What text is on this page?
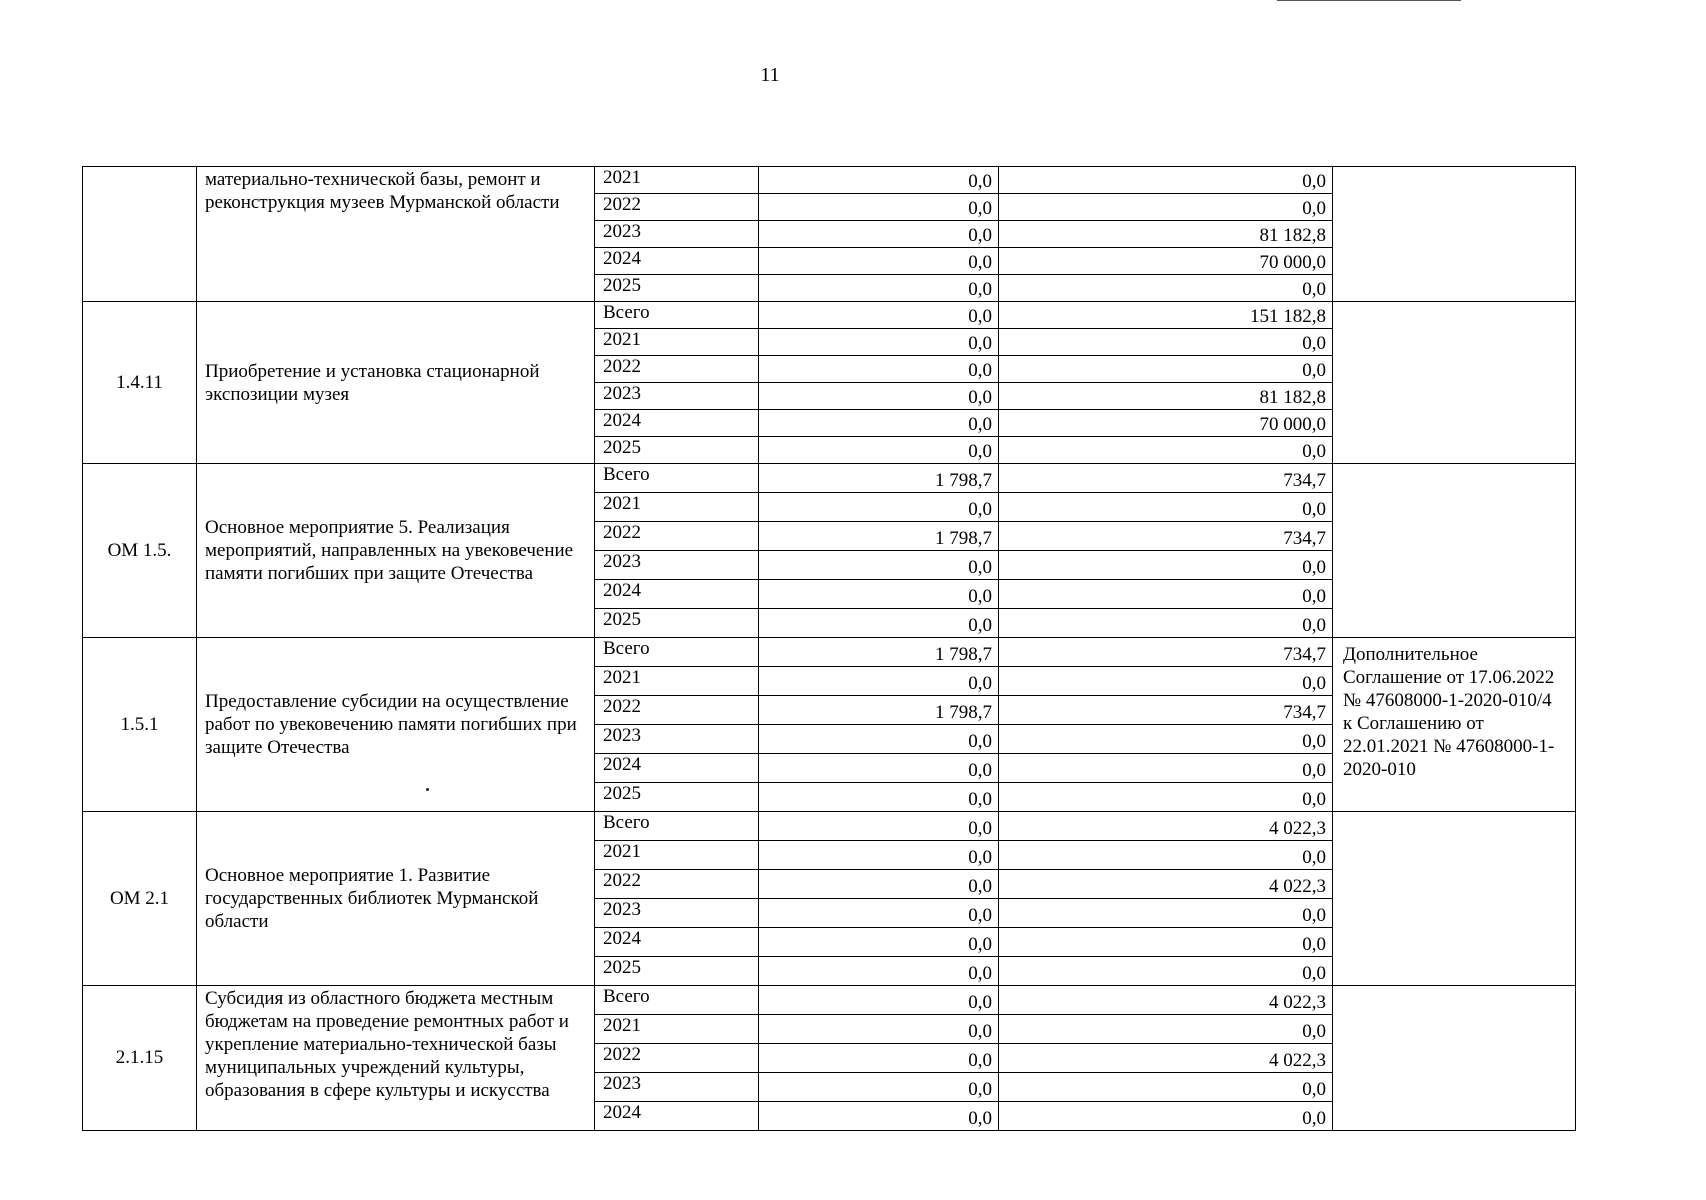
11
	материально-технической базы, ремонт и реконструкция музеев Мурманской области	2021	0,0	0,0	
		2022	0,0	0,0	
		2023	0,0	81 182,8	
		2024	0,0	70 000,0	
		2025	0,0	0,0	
1.4.11	Приобретение и установка стационарной экспозиции музея	Всего	0,0	151 182,8	
		2021	0,0	0,0	
		2022	0,0	0,0	
		2023	0,0	81 182,8	
		2024	0,0	70 000,0	
		2025	0,0	0,0	
ОМ 1.5.	Основное мероприятие 5. Реализация мероприятий, направленных на увековечение памяти погибших при защите Отечества	Всего	1 798,7	734,7	
		2021	0,0	0,0	
		2022	1 798,7	734,7	
		2023	0,0	0,0	
		2024	0,0	0,0	
		2025	0,0	0,0	
1.5.1	Предоставление субсидии на осуществление работ по увековечению памяти погибших при защите Отечества	Всего	1 798,7	734,7	Дополнительное Соглашение от 17.06.2022 № 47608000-1-2020-010/4 к Соглашению от 22.01.2021 № 47608000-1-2020-010
		2021	0,0	0,0	
		2022	1 798,7	734,7	
		2023	0,0	0,0	
		2024	0,0	0,0	
		2025	0,0	0,0	
ОМ 2.1	Основное мероприятие 1. Развитие государственных библиотек Мурманской области	Всего	0,0	4 022,3	
		2021	0,0	0,0	
		2022	0,0	4 022,3	
		2023	0,0	0,0	
		2024	0,0	0,0	
		2025	0,0	0,0	
2.1.15	Субсидия из областного бюджета местным бюджетам на проведение ремонтных работ и укрепление материально-технической базы муниципальных учреждений культуры, образования в сфере культуры и искусства	Всего	0,0	4 022,3	
		2021	0,0	0,0	
		2022	0,0	4 022,3	
		2023	0,0	0,0	
		2024	0,0	0,0	
